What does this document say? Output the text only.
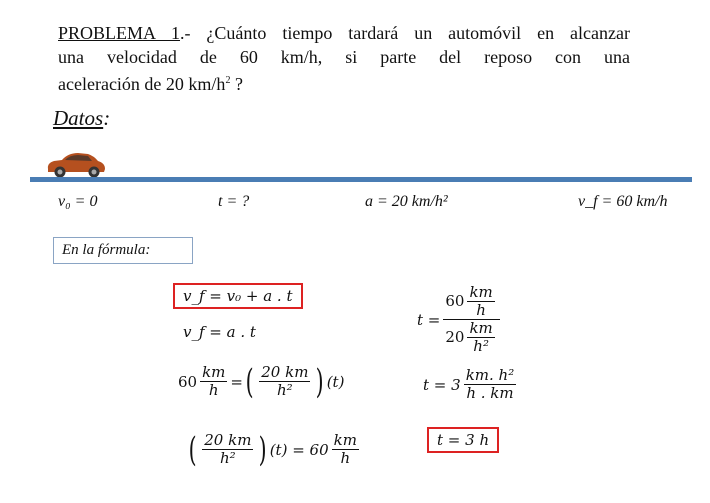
PROBLEMA 1.- ¿Cuánto tiempo tardará un automóvil en alcanzar
una velocidad de 60 km/h, si parte del reposo con una
aceleración de 20 $km/h^2$ ?
Datos:
v₀ = 0	t = ?	a = 20 km/h²	v_f = 60 km/h
En la fórmula:
v_f = v₀ + a . t
v_f = a . t
$60 \frac{km}{h}$ = ( $\frac{20 km}{\text{h²}}$ ) (t)
( $\frac{20 km}{\text{h²}}$ ) $(t) = 60 \frac{km}{h}$
$t = \frac{60 \frac{km}{h}}{20 \frac{km}{\text{h²}}}$
$t = 3 \frac{\text{km. h²}}{h . km}$
t = 3 h
